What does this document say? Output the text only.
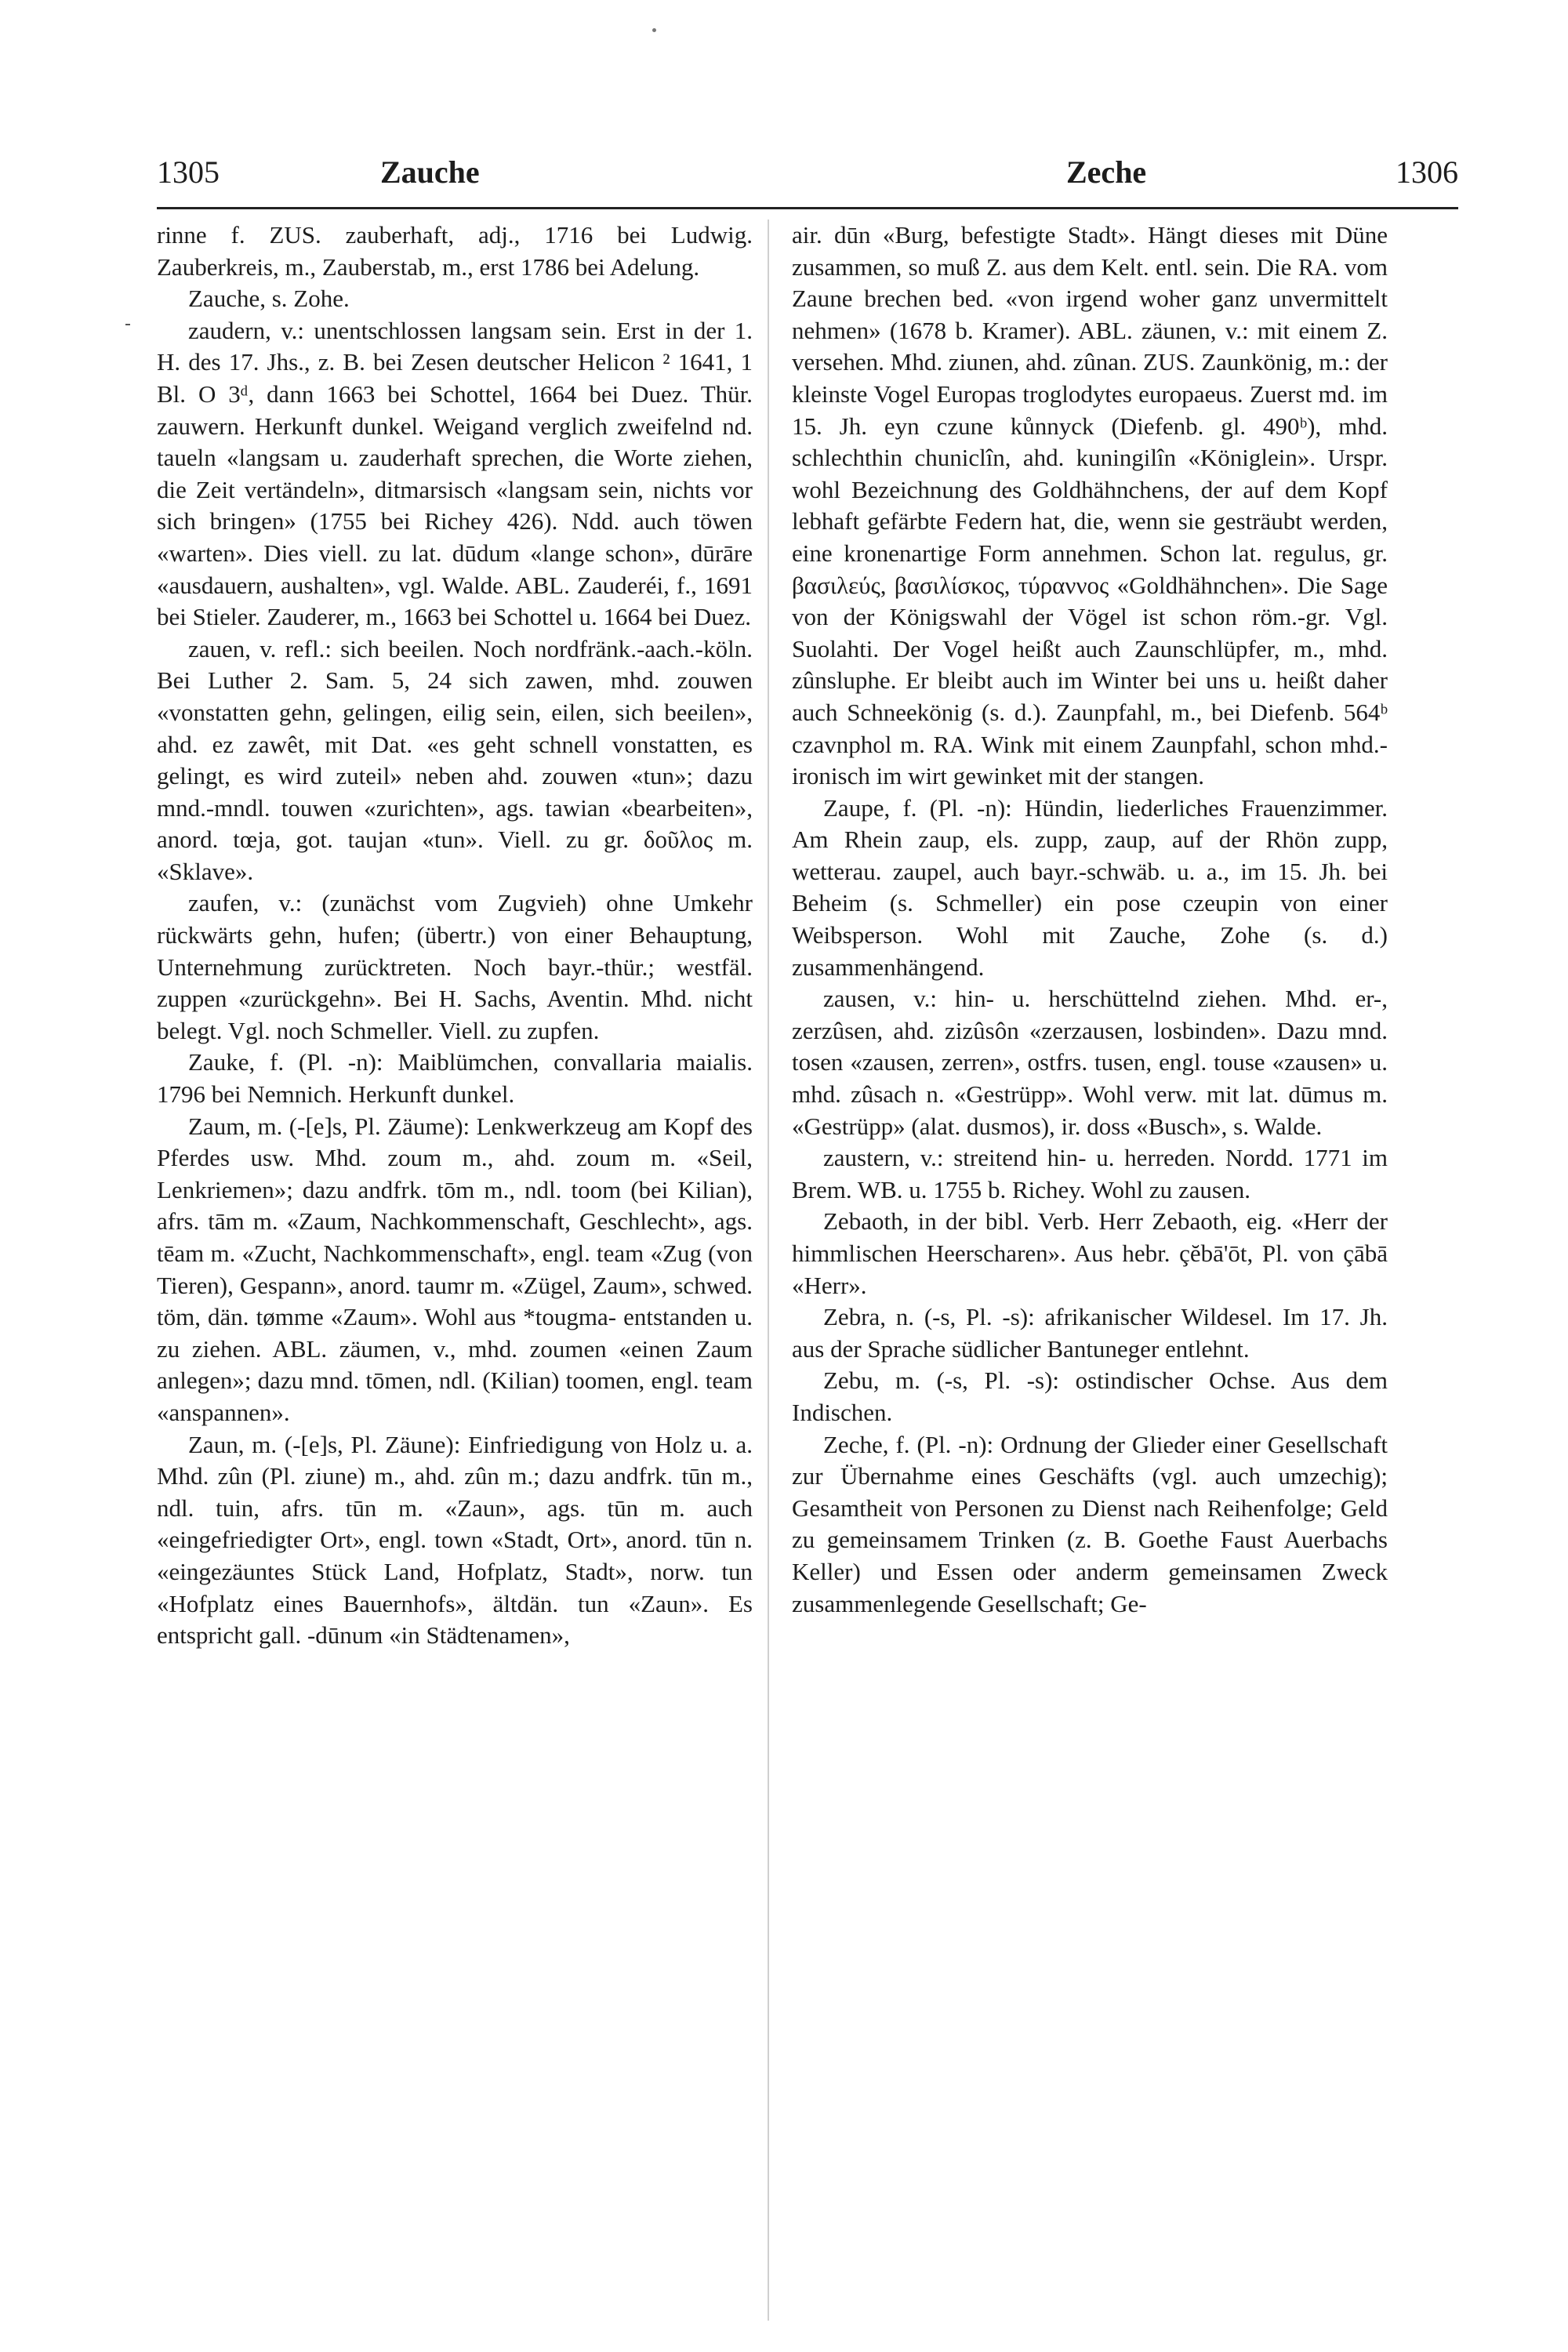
1305	Zauche	Zeche	1306

rinne f. ZUS. zauberhaft, adj., 1716 bei Ludwig. Zauberkreis, m., Zauberstab, m., erst 1786 bei Adelung.

Zauche, s. Zohe.

zaudern, v.: unentschlossen langsam sein. Erst in der 1. H. des 17. Jhs., z. B. bei Zesen deutscher Helicon ² 1641, 1 Bl. O 3ᵈ, dann 1663 bei Schottel, 1664 bei Duez. Thür. zauwern. Herkunft dunkel. Weigand verglich zweifelnd nd. taueln «langsam u. zauderhaft sprechen, die Worte ziehen, die Zeit vertändeln», ditmarsisch «langsam sein, nichts vor sich bringen» (1755 bei Richey 426). Ndd. auch töwen «warten». Dies viell. zu lat. dūdum «lange schon», dūrāre «ausdauern, aushalten», vgl. Walde. ABL. Zauderéi, f., 1691 bei Stieler. Zauderer, m., 1663 bei Schottel u. 1664 bei Duez.

zauen, v. refl.: sich beeilen. Noch nordfränk.-aach.-köln. Bei Luther 2. Sam. 5, 24 sich zawen, mhd. zouwen «vonstatten gehn, gelingen, eilig sein, eilen, sich beeilen», ahd. ez zawêt, mit Dat. «es geht schnell vonstatten, es gelingt, es wird zuteil» neben ahd. zouwen «tun»; dazu mnd.-mndl. touwen «zurichten», ags. tawian «bearbeiten», anord. tœja, got. taujan «tun». Viell. zu gr. δοῦλος m. «Sklave».

zaufen, v.: (zunächst vom Zugvieh) ohne Umkehr rückwärts gehn, hufen; (übertr.) von einer Behauptung, Unternehmung zurücktreten. Noch bayr.-thür.; westfäl. zuppen «zurückgehn». Bei H. Sachs, Aventin. Mhd. nicht belegt. Vgl. noch Schmeller. Viell. zu zupfen.

Zauke, f. (Pl. -n): Maiblümchen, convallaria maialis. 1796 bei Nemnich. Herkunft dunkel.

Zaum, m. (-[e]s, Pl. Zäume): Lenkwerkzeug am Kopf des Pferdes usw. Mhd. zoum m., ahd. zoum m. «Seil, Lenkriemen»; dazu andfrk. tōm m., ndl. toom (bei Kilian), afrs. tām m. «Zaum, Nachkommenschaft, Geschlecht», ags. tēam m. «Zucht, Nachkommenschaft», engl. team «Zug (von Tieren), Gespann», anord. taumr m. «Zügel, Zaum», schwed. töm, dän. tømme «Zaum». Wohl aus *tougma- entstanden u. zu ziehen. ABL. zäumen, v., mhd. zoumen «einen Zaum anlegen»; dazu mnd. tōmen, ndl. (Kilian) toomen, engl. team «anspannen».

Zaun, m. (-[e]s, Pl. Zäune): Einfriedigung von Holz u. a. Mhd. zûn (Pl. ziune) m., ahd. zûn m.; dazu andfrk. tūn m., ndl. tuin, afrs. tūn m. «Zaun», ags. tūn m. auch «eingefriedigter Ort», engl. town «Stadt, Ort», anord. tūn n. «eingezäuntes Stück Land, Hofplatz, Stadt», norw. tun «Hofplatz eines Bauernhofs», ältdän. tun «Zaun». Es entspricht gall. -dūnum «in Städtenamen»,

air. dūn «Burg, befestigte Stadt». Hängt dieses mit Düne zusammen, so muß Z. aus dem Kelt. entl. sein. Die RA. vom Zaune brechen bed. «von irgend woher ganz unvermittelt nehmen» (1678 b. Kramer). ABL. zäunen, v.: mit einem Z. versehen. Mhd. ziunen, ahd. zûnan. ZUS. Zaunkönig, m.: der kleinste Vogel Europas troglodytes europaeus. Zuerst md. im 15. Jh. eyn czune kůnnyck (Diefenb. gl. 490ᵇ), mhd. schlechthin chuniclîn, ahd. kuningilîn «Königlein». Urspr. wohl Bezeichnung des Goldhähnchens, der auf dem Kopf lebhaft gefärbte Federn hat, die, wenn sie gesträubt werden, eine kronenartige Form annehmen. Schon lat. regulus, gr. βασιλεύς, βασιλίσκος, τύραννος «Goldhähnchen». Die Sage von der Königswahl der Vögel ist schon röm.-gr. Vgl. Suolahti. Der Vogel heißt auch Zaunschlüpfer, m., mhd. zûnsluphe. Er bleibt auch im Winter bei uns u. heißt daher auch Schneekönig (s. d.). Zaunpfahl, m., bei Diefenb. 564ᵇ czavnphol m. RA. Wink mit einem Zaunpfahl, schon mhd.-ironisch im wirt gewinket mit der stangen.

Zaupe, f. (Pl. -n): Hündin, liederliches Frauenzimmer. Am Rhein zaup, els. zupp, zaup, auf der Rhön zupp, wetterau. zaupel, auch bayr.-schwäb. u. a., im 15. Jh. bei Beheim (s. Schmeller) ein pose czeupin von einer Weibsperson. Wohl mit Zauche, Zohe (s. d.) zusammenhängend.

zausen, v.: hin- u. herschüttelnd ziehen. Mhd. er-, zerzûsen, ahd. zizûsôn «zerzausen, losbinden». Dazu mnd. tosen «zausen, zerren», ostfrs. tusen, engl. touse «zausen» u. mhd. zûsach n. «Gestrüpp». Wohl verw. mit lat. dūmus m. «Gestrüpp» (alat. dusmos), ir. doss «Busch», s. Walde.

zaustern, v.: streitend hin- u. herreden. Nordd. 1771 im Brem. WB. u. 1755 b. Richey. Wohl zu zausen.

Zebaoth, in der bibl. Verb. Herr Zebaoth, eig. «Herr der himmlischen Heerscharen». Aus hebr. çĕbā'ōt, Pl. von çābā «Herr».

Zebra, n. (-s, Pl. -s): afrikanischer Wildesel. Im 17. Jh. aus der Sprache südlicher Bantuneger entlehnt.

Zebu, m. (-s, Pl. -s): ostindischer Ochse. Aus dem Indischen.

Zeche, f. (Pl. -n): Ordnung der Glieder einer Gesellschaft zur Übernahme eines Geschäfts (vgl. auch umzechig); Gesamtheit von Personen zu Dienst nach Reihenfolge; Geld zu gemeinsamem Trinken (z. B. Goethe Faust Auerbachs Keller) und Essen oder anderm gemeinsamen Zweck zusammenlegende Gesellschaft; Ge-
